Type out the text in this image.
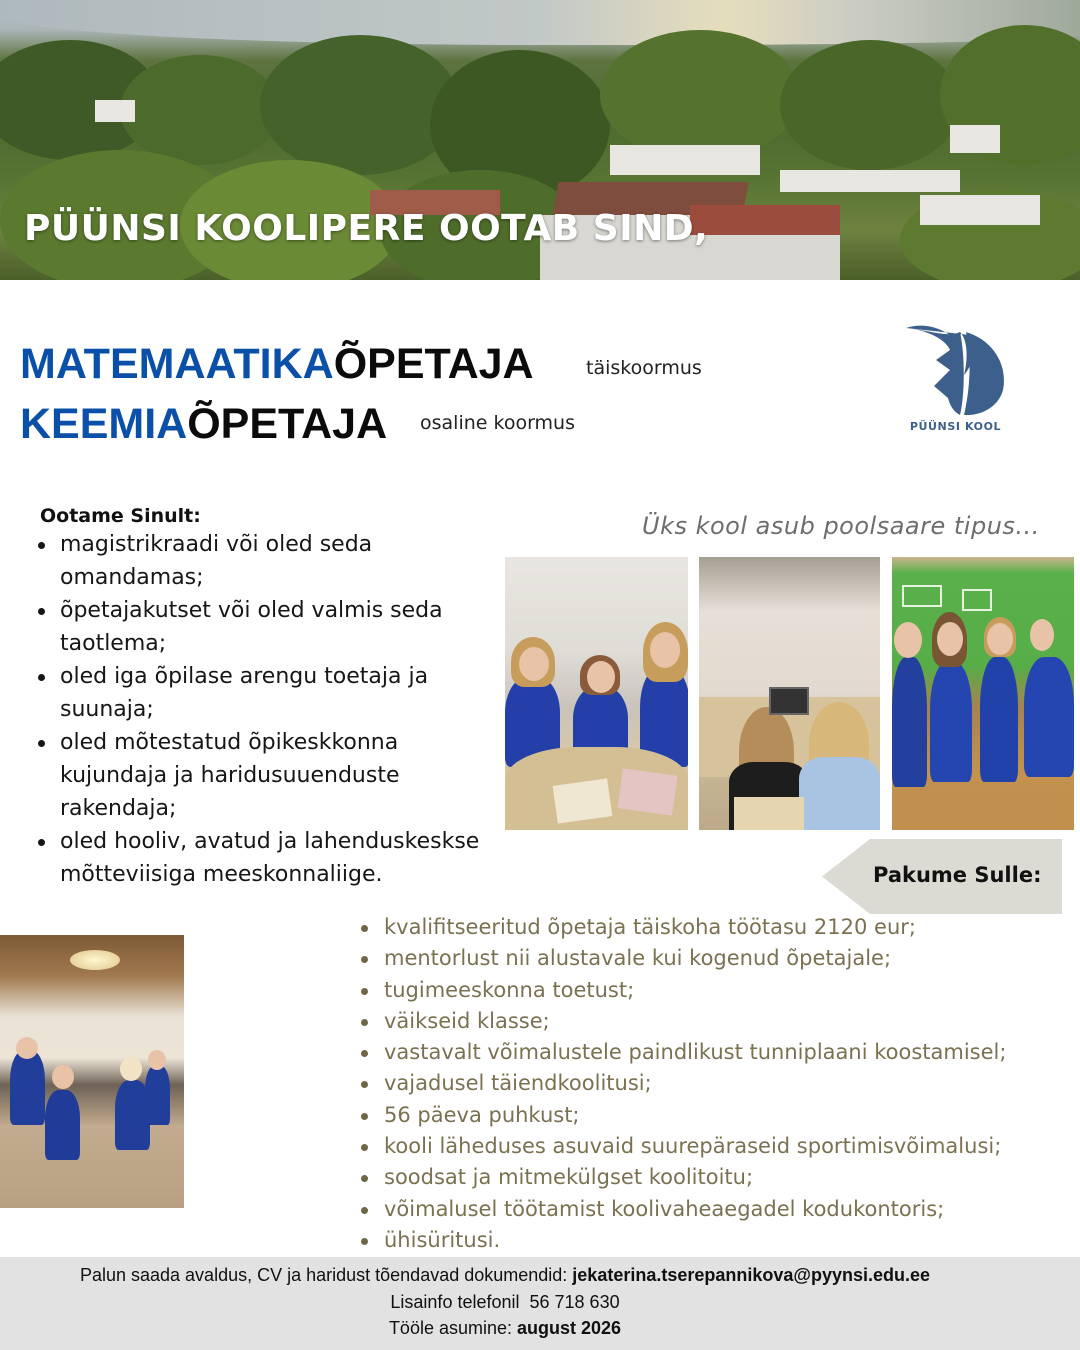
PÜÜNSI KOOLIPERE OOTAB SIND,
MATEMAATIKAÕPETAJA	täiskoormus
KEEMIAÕPETAJA osaline koormus	PÜÜNSI KOOL
Ootame Sinult:
magistrikraadi või oled seda omandamas;
õpetajakutset või oled valmis seda taotlema;
oled iga õpilase arengu toetaja ja suunaja;
oled mõtestatud õpikeskkonna kujundaja ja haridusuuenduste rakendaja;
oled hooliv, avatud ja lahenduskeskse mõtteviisiga meeskonnaliige.
Üks kool asub poolsaare tipus...
Pakume Sulle:
kvalifitseeritud õpetaja täiskoha töötasu 2120 eur;
mentorlust nii alustavale kui kogenud õpetajale;
tugimeeskonna toetust;
väikseid klasse;
vastavalt võimalustele paindlikust tunniplaani koostamisel;
vajadusel täiendkoolitusi;
56 päeva puhkust;
kooli läheduses asuvaid suurepäraseid sportimisvõimalusi;
soodsat ja mitmekülgset koolitoitu;
võimalusel töötamist koolivaheaegadel kodukontoris;
ühisüritusi.
Palun saada avaldus, CV ja haridust tõendavad dokumendid: jekaterina.tserepannikova@pyynsi.edu.ee
Lisainfo telefonil  56 718 630
Tööle asumine: august 2026
